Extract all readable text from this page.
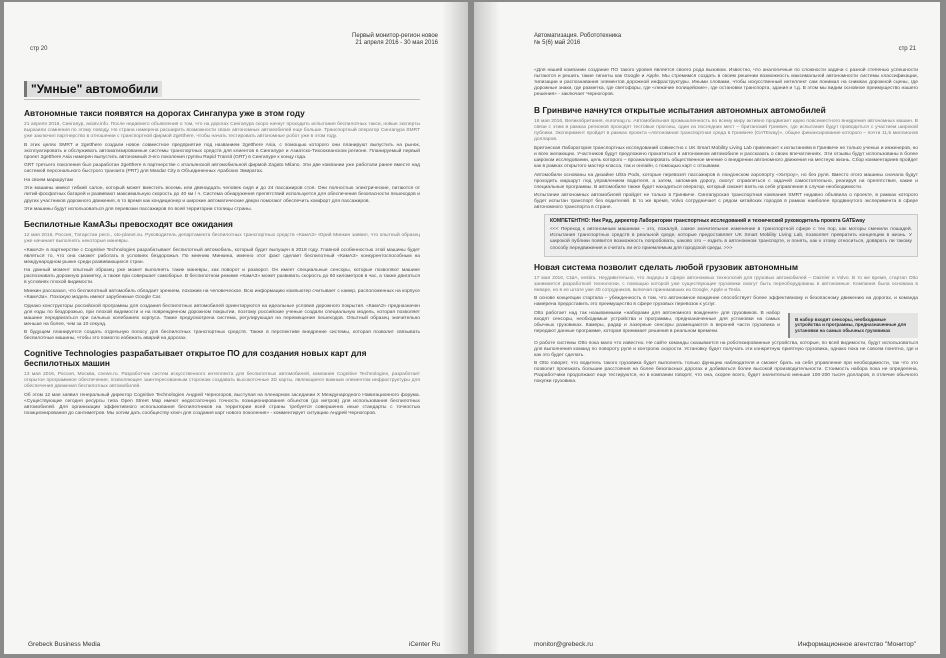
стр 20
Первый монитор-регион новое
21 апреля 2016 - 30 мая 2016
"Умные" автомобили
Автономные такси появятся на дорогах Сингапура уже в этом году
21 апреля 2016, Сингапур, asiatv.info. После недавнего объявления о том, что на дорогах Сингапура скоро начнут проходить испытания беспилотных такси, новые эксперты выразили сомнения по этому поводу. Но страна намерена расширить возможности своих автономных автомобилей еще больше. Транспортный оператор Сингапура SMRT уже заключил партнерство в отношении с транспортной фирмой 2getthere, чтобы начать тестировать автономные робот уже в этом году.
В этих целях SMRT и 2getthere создали новое совместное предприятие под названием 2getthere Asia, с помощью которого они планируют выпустить на рынок, эксплуатировать и обслуживать автоматизированные системы транспортных средств для клиентов в Сингапуре и Азиатско-Тихоокеанском регионе. Планируемый первый проект 2getthere Asia намерен выпустить автономный 3-его поколения группы Rapid Transit (GRT) в Сингапуре к концу года.
GRT третьего поколения был разработан 2getthere в партнерстве с итальянской автомобильной фирмой Zagato Milano. Эти две компании уже работали ранее вместе над системой персонального быстрого транзита (PRT) для Masdar City в Объединенных Арабских Эмиратах.
На своем маршрутам
Эти машины имеют гибкий салон, который может вместить восемь или двенадцать человек сидя и до 24 пассажиров стоя. Они полностью электрические, питаются от литий-фосфатных батарей и развивают максимальную скорость до 40 км / ч. Система обнаружения препятствий используется для обеспечения безопасности пешеходов и других участников дорожного движения, в то время как кондиционер и широкие автоматические двери помогают обеспечить комфорт для пассажиров.
Эти машины будут использоваться для перевозки пассажиров по всей территории столицы страны.
Беспилотные КамАЗы превосходят все ожидания
12 мая 2016, Россия, Татарстан респ., oto-planet.su. Руководитель департамента беспилотных транспортных средств «КамАЗ» Юрий Минкин заявил, что опытный образец уже начинает выполнять некоторые маневры.
«КамАЗ» в партнерстве с Cognitive Technologies разрабатывает беспилотный автомобиль, который будет выпущен в 2018 году. Главной особенностью этой машины будет являться то, что она сможет работать в условиях бездорожья. По мнению Минкина, именно этот факт сделает беспилотный «КамАЗ» конкурентоспособным на международном рынке среди развивающихся стран.
На данный момент опытный образец уже может выполнять такие маневры, как поворот и разворот. Он имеет специальные сенсоры, которые позволяют машине распознавать дорожную разметку, а также при совершает самоборье. В беспилотном режиме «КамАЗ» может развивать скорость до 60 километров в час, а также двигаться в условиях плохой видимости.
Минкин рассказал, что беспилотный автомобиль обладает зрением, похожим на человеческое. Всю информацию компьютер считывает с камер, расположенных на корпусе «КамАЗа». Похожую модель имеют зарубежные Google Car.
Однако конструкторы российской программы для создания беспилотных автомобилей ориентируются на идеальные условия дорожного покрытия. «КамАЗ» предназначен для езды по бездорожью, при плохой видимости и на поврежденном дорожном покрытии, поэтому российские ученые создали специальную модель, которая позволяет машине передвигаться при сильных колебаниях корпуса. Также предусмотрена система, регулирующая на перемещения пешеходов. Опытный образец значительно меньше на более, чем за 10 секунд.
В будущем планируется создать отдельную полосу для беспилотных транспортных средств. Также в перспективе внедрение системы, которая позволит связывать беспилотные машины, чтобы это помогло избежать аварий на дорогах.
Cognitive Technologies разрабатывает открытое ПО для создания новых карт для беспилотных машин
13 мая 2016, Россия, Москва, cnews.ru. Разработчик систем искусственного интеллекта для беспилотных автомобилей, компания Cognitive Technologies, разработает открытое программное обеспечение, позволяющее заинтересованным сторонам создавать высокоточные 3D карты, являющиеся важным элементом инфраструктуры для обеспечения движения беспилотных автомобилей.
Об этом 12 мая заявил генеральный директор Cognitive Technologies Андрей Черногоров, выступая на пленарном заседании X Международного Навигационного форума. «Существующие сегодня ресурсы типа Open Street Map имеют недостаточную точность позиционирования объектов (до метров) для использования беспилотных автомобилей. Для организации эффективного использования беспилотников на территории всей страны требуется совершенно иные стандарты с точностью позиционирования до сантиметров. Мы хотим дать сообществу ключ для создания карт нового поколения» - комментирует ситуацию Андрей Черногоров.
Grebeck Business Media	iCenter Ru
Автоматизация. Робототехника
№ 5(6) май 2016
стр 21
«Для нашей компании создание ПО такого уровня является своего рода вызовом. Известно, что аналогичные по сложности задачи с разной степенью успешности пытаются и решить такие гиганты как Google и Apple. Мы стремимся создать в своем решении возможность максимальной автономности системы классификации, типизации и распознавания элементов дорожной инфраструктуры. Иными словами, чтобы искусственный интеллект сам понимал на снимках дорожной сцены, где дорожные знаки, где разметка, где светофоры, где «лежачие полицейские», где остановки транспорта, здания и т.д. В этом мы видим основное преимущество нашего решения» - заключает Черногоров.
В Гринвиче начнутся открытые испытания автономных автомобилей
16 мая 2016, Великобритания, euromag.ru. Автомобильная промышленность во всему миру активно продвигает идею повсеместного внедрения автономных машин. В связи с этим в рамках регионов проходят тестовые прогоны, один из последних мест – британский Гринвич, где испытания будут проводиться с участием широкой публики. Эксперимент пройдет в рамках проекта «Автономная транспортная среда в Гринвиче (GATEway)», общее финансирование которого – почти 11,5 миллионов долларов.
Британская Лаборатория транспортных исследований совместно с UK Smart Mobility Living Lab привлекает к испытаниям в Гринвиче не только ученых и инженеров, но и всех желающих. Участников будут предложено прокатиться в автономном автомобиле и рассказать о своих впечатлениях. Эти отзывы будут использованы в более широком исследовании, цель которого – проанализировать общественное мнение о внедрении автономного движения на местную жизнь. Сбор комментариев пройдет как в рамках открытого мастер-класса, так и онлайн, с помощью карт с отзывами.
Автомобили основаны на дизайне Ultra Pods, которые перевозят пассажиров в лондонском аэропорту «Хитроу», но без руля. Вместо этого машины сначала будут проходить маршрут под управлением водителя, а затем, запомнив дорогу, смогут справляться с задачей самостоятельно, реагируя на препятствия, какие и специальные программы. В автомобиле также будет находиться оператор, который сможет взять на себя управление в случае необходимости.
Испытание автономных автомобилей пройдет не только в Гринвиче. Сингапурская транспортная компания SMRT недавно объявила о проекте, в рамках которого будет испытан транспорт без водителей. В то же время, Volvo сотрудничает с рядом китайских городов в рамках наиболее продвинутого эксперимента в сфере автономного транспорта в стране.
КОМПЕТЕНТНО: Ник Рид, директор Лаборатории транспортных исследований и технический руководитель проекта GATEway
<<< Переход к автономным машинам – это, пожалуй, самое значительное изменение в транспортной сфере с тех пор, как моторы сменили лошадей. Испытания транспортных средств в реальной среде, которые предоставляет UK Smart Mobility Living Lab, позволяет превратить концепцию в жизнь. У широкой публики появится возможность попробовать, каково это – ездить в автономном транспорте, и понять, как к этому относиться, довврать ли такому способу передвижения и считать ли его приемлемым для городской среды. >>>
Новая система позволит сделать любой грузовик автономным
17 мая 2016, США, vestiru. Неудивительно, что лидеры в сфере автономных технологий для грузовых автомобилей – Daimler и Volvo. В то же время, стартап Otto занимается разработкой технологии, с помощью которой уже существующие грузовики смогут быть переоборудованы в автономные. Компания была основана в январе, но в ее штате уже 40 сотрудников, включая принимавших из Google, Apple и Tesla.
В основе концепции стартапа – убежденность в том, что автономное вождение способствует более эффективному и безопасному движению на дорогах, и команда намерена предоставить это преимущество в сфере грузовых перевозок к услуг.
В набор входят сенсоры, необходимые устройства и программы, предназначенные для установки на самых обычных грузовиках
Otto работает над так называемыми «наборами для автономного вождения» для грузовиков. В набор входят сенсоры, необходимые устройства и программы, предназначенные для установки на самых обычных грузовиках. Камеры, радар и лазерные сенсоры размещаются в верхней части грузовика и передают данные программе, которая принимает решения в реальном времени.
О работе системы Otto пока мало что известно. Не сайте команды сказывается на роботизированные устройства, которые, по всей видимости, будут использоваться для выполнения команд по повороту руля и контролю скорости. Установку будет получать эти конкретную приятную грузовика, однако пока не совсем понятно, где и как это будет сделать.
В Otto говорят, что водитель такого грузовика будет выполнять только функцию наблюдателя и сможет брать на себя управление при необходимости, так что это позволит проезжать большие расстояния на более безопасных дорогах и добиваться более высокой производительности. Стоимость набора пока не определена, Разработчики продолжают еще тестируются, но в компании говорят, что она, скорее всего, будет значительно меньше 100-200 тысяч долларов, в отличие обычного покупки грузовика.
monitor@grebeck.ru	Информационное агентство "Монитор"
